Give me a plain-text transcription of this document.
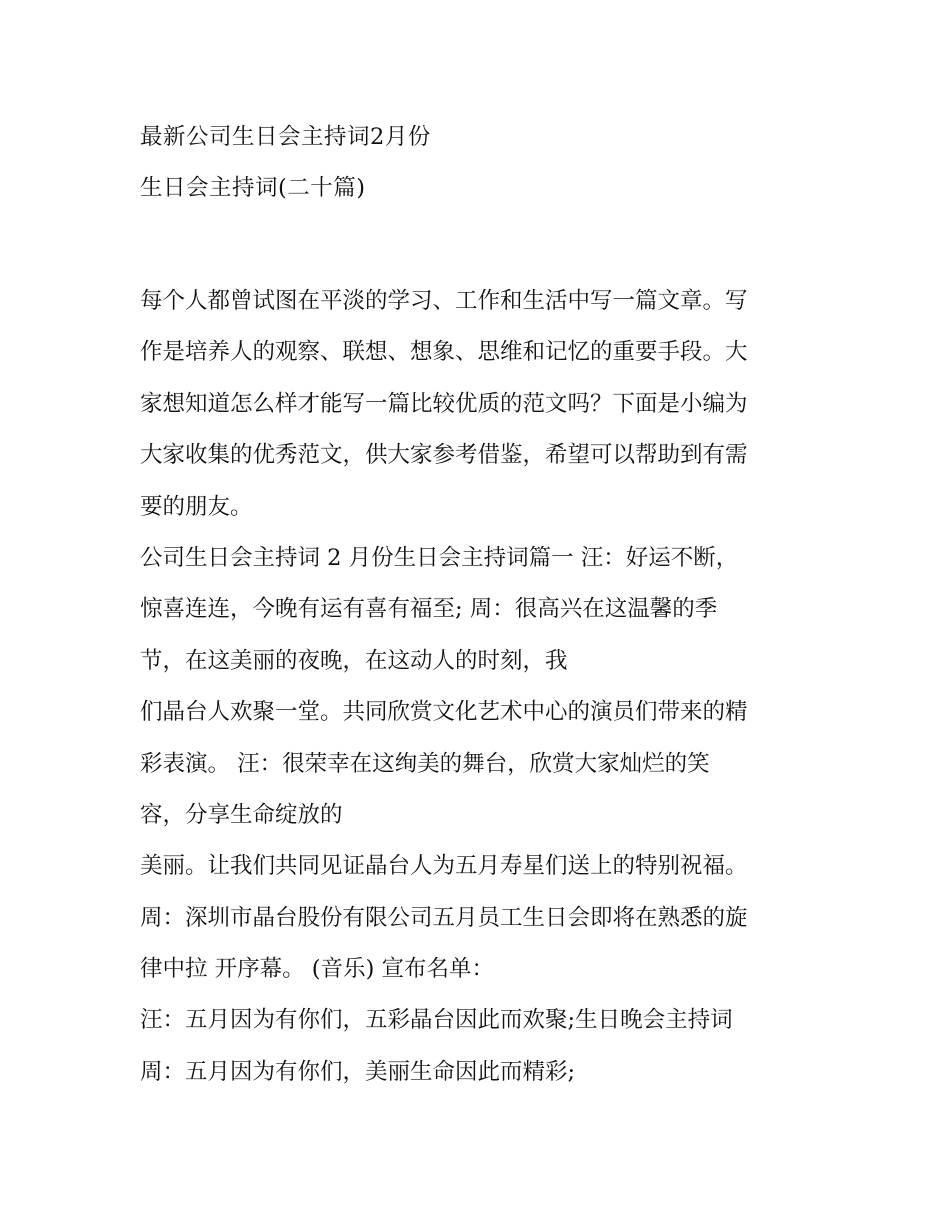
最新公司生日会主持词2月份
生日会主持词(二十篇)
每个人都曾试图在平淡的学习、工作和生活中写一篇文章。写
作是培养人的观察、联想、想象、思维和记忆的重要手段。大
家想知道怎么样才能写一篇比较优质的范文吗？下面是小编为
大家收集的优秀范文，供大家参考借鉴，希望可以帮助到有需
要的朋友。
公司生日会主持词 2 月份生日会主持词篇一 汪：好运不断，
惊喜连连，今晚有运有喜有福至; 周：很高兴在这温馨的季
节，在这美丽的夜晚，在这动人的时刻，我
们晶台人欢聚一堂。共同欣赏文化艺术中心的演员们带来的精
彩表演。 汪：很荣幸在这绚美的舞台，欣赏大家灿烂的笑
容，分享生命绽放的
美丽。让我们共同见证晶台人为五月寿星们送上的特别祝福。
周：深圳市晶台股份有限公司五月员工生日会即将在熟悉的旋
律中拉 开序幕。 (音乐) 宣布名单：
汪：五月因为有你们，五彩晶台因此而欢聚;生日晚会主持词
周：五月因为有你们，美丽生命因此而精彩;
